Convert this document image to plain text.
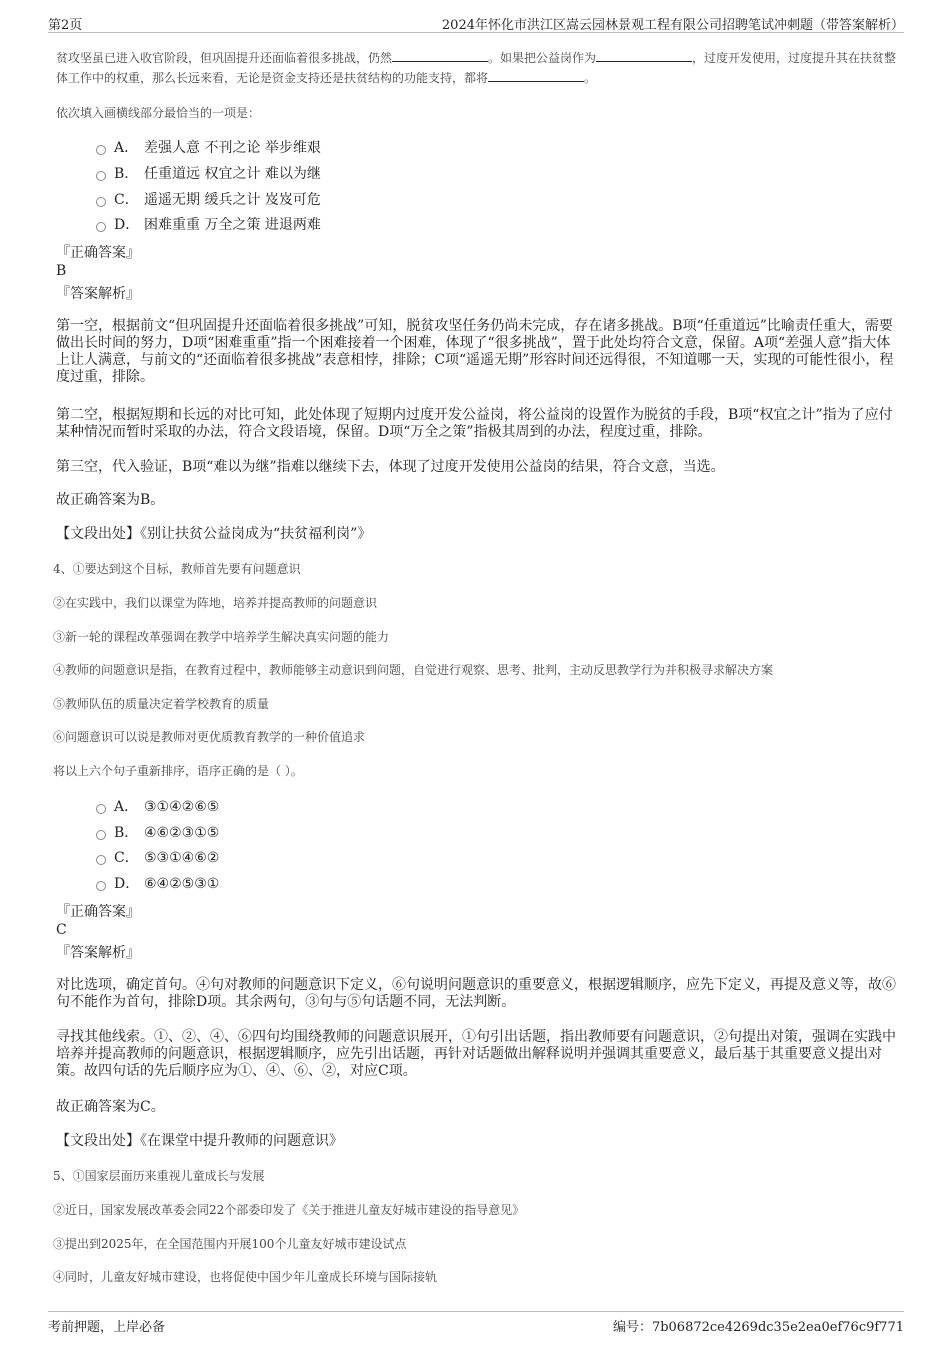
第2页	2024年怀化市洪江区嵩云园林景观工程有限公司招聘笔试冲刺题（带答案解析）
贫攻坚虽已进入收官阶段，但巩固提升还面临着很多挑战，仍然	。如果把公益岗作为	，过度开发使用，过度提升其在扶贫整体工作中的权重，那么长远来看，无论是资金支持还是扶贫结构的功能支持，都将	。
依次填入画横线部分最恰当的一项是：
A． 差强人意 不刊之论 举步维艰
B． 任重道远 权宜之计 难以为继
C． 遥遥无期 缓兵之计 岌岌可危
D． 困难重重 万全之策 进退两难
『正确答案』
B
『答案解析』
第一空，根据前文“但巩固提升还面临着很多挑战”可知，脱贫攻坚任务仍尚未完成，存在诸多挑战。B项“任重道远”比喻责任重大，需要做出长时间的努力，D项“困难重重”指一个困难接着一个困难，体现了“很多挑战”，置于此处均符合文意，保留。A项“差强人意”指大体上让人满意，与前文的“还面临着很多挑战”表意相悖，排除；C项“遥遥无期”形容时间还远得很，不知道哪一天，实现的可能性很小，程度过重，排除。
第二空，根据短期和长远的对比可知，此处体现了短期内过度开发公益岗，将公益岗的设置作为脱贫的手段，B项“权宜之计”指为了应付某种情况而暂时采取的办法，符合文段语境，保留。D项“万全之策”指极其周到的办法，程度过重，排除。
第三空，代入验证，B项“难以为继”指难以继续下去，体现了过度开发使用公益岗的结果，符合文意，当选。
故正确答案为B。
【文段出处】《别让扶贫公益岗成为“扶贫福利岗”》
4、①要达到这个目标，教师首先要有问题意识
②在实践中，我们以课堂为阵地，培养并提高教师的问题意识
③新一轮的课程改革强调在教学中培养学生解决真实问题的能力
④教师的问题意识是指，在教育过程中，教师能够主动意识到问题，自觉进行观察、思考、批判，主动反思教学行为并积极寻求解决方案
⑤教师队伍的质量决定着学校教育的质量
⑥问题意识可以说是教师对更优质教育教学的一种价值追求
将以上六个句子重新排序，语序正确的是（ ）。
A． ③①④②⑥⑤
B． ④⑥②③①⑤
C． ⑤③①④⑥②
D． ⑥④②⑤③①
『正确答案』
C
『答案解析』
对比选项，确定首句。④句对教师的问题意识下定义，⑥句说明问题意识的重要意义，根据逻辑顺序，应先下定义，再提及意义等，故⑥句不能作为首句，排除D项。其余两句，③句与⑤句话题不同，无法判断。
寻找其他线索。①、②、④、⑥四句均围绕教师的问题意识展开，①句引出话题，指出教师要有问题意识，②句提出对策，强调在实践中培养并提高教师的问题意识，根据逻辑顺序，应先引出话题，再针对话题做出解释说明并强调其重要意义，最后基于其重要意义提出对策。故四句话的先后顺序应为①、④、⑥、②，对应C项。
故正确答案为C。
【文段出处】《在课堂中提升教师的问题意识》
5、①国家层面历来重视儿童成长与发展
②近日，国家发展改革委会同22个部委印发了《关于推进儿童友好城市建设的指导意见》
③提出到2025年，在全国范围内开展100个儿童友好城市建设试点
④同时，儿童友好城市建设，也将促使中国少年儿童成长环境与国际接轨
考前押题，上岸必备	编号：7b06872ce4269dc35e2ea0ef76c9f771
